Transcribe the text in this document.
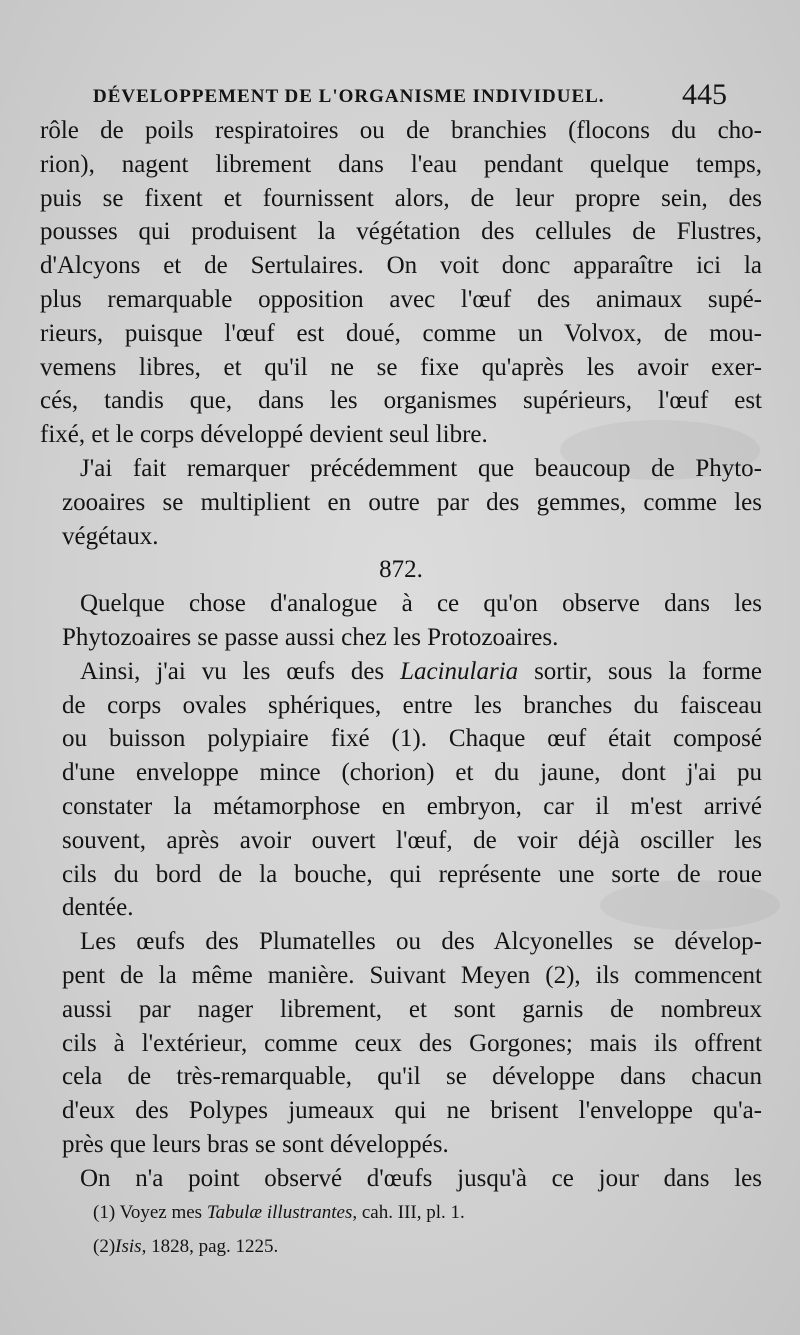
DÉVELOPPEMENT DE L'ORGANISME INDIVIDUEL.	445
rôle de poils respiratoires ou de branchies (flocons du cho-
rion), nagent librement dans l'eau pendant quelque temps,
puis se fixent et fournissent alors, de leur propre sein, des
pousses qui produisent la végétation des cellules de Flustres,
d'Alcyons et de Sertulaires. On voit donc apparaître ici la
plus remarquable opposition avec l'œuf des animaux supé-
rieurs, puisque l'œuf est doué, comme un Volvox, de mou-
vemens libres, et qu'il ne se fixe qu'après les avoir exer-
cés, tandis que, dans les organismes supérieurs, l'œuf est
fixé, et le corps développé devient seul libre.
J'ai fait remarquer précédemment que beaucoup de Phyto-
zooaires se multiplient en outre par des gemmes, comme les
végétaux.
872.
Quelque chose d'analogue à ce qu'on observe dans les
Phytozoaires se passe aussi chez les Protozoaires.
Ainsi, j'ai vu les œufs des Lacinularia sortir, sous la forme
de corps ovales sphériques, entre les branches du faisceau
ou buisson polypiaire fixé (1). Chaque œuf était composé
d'une enveloppe mince (chorion) et du jaune, dont j'ai pu
constater la métamorphose en embryon, car il m'est arrivé
souvent, après avoir ouvert l'œuf, de voir déjà osciller les
cils du bord de la bouche, qui représente une sorte de roue
dentée.
Les œufs des Plumatelles ou des Alcyonelles se dévelop-
pent de la même manière. Suivant Meyen (2), ils commencent
aussi par nager librement, et sont garnis de nombreux
cils à l'extérieur, comme ceux des Gorgones; mais ils offrent
cela de très-remarquable, qu'il se développe dans chacun
d'eux des Polypes jumeaux qui ne brisent l'enveloppe qu'a-
près que leurs bras se sont développés.
On n'a point observé d'œufs jusqu'à ce jour dans les
(1) Voyez mes Tabulæ illustrantes, cah. III, pl. 1.
(2)Isis, 1828, pag. 1225.
